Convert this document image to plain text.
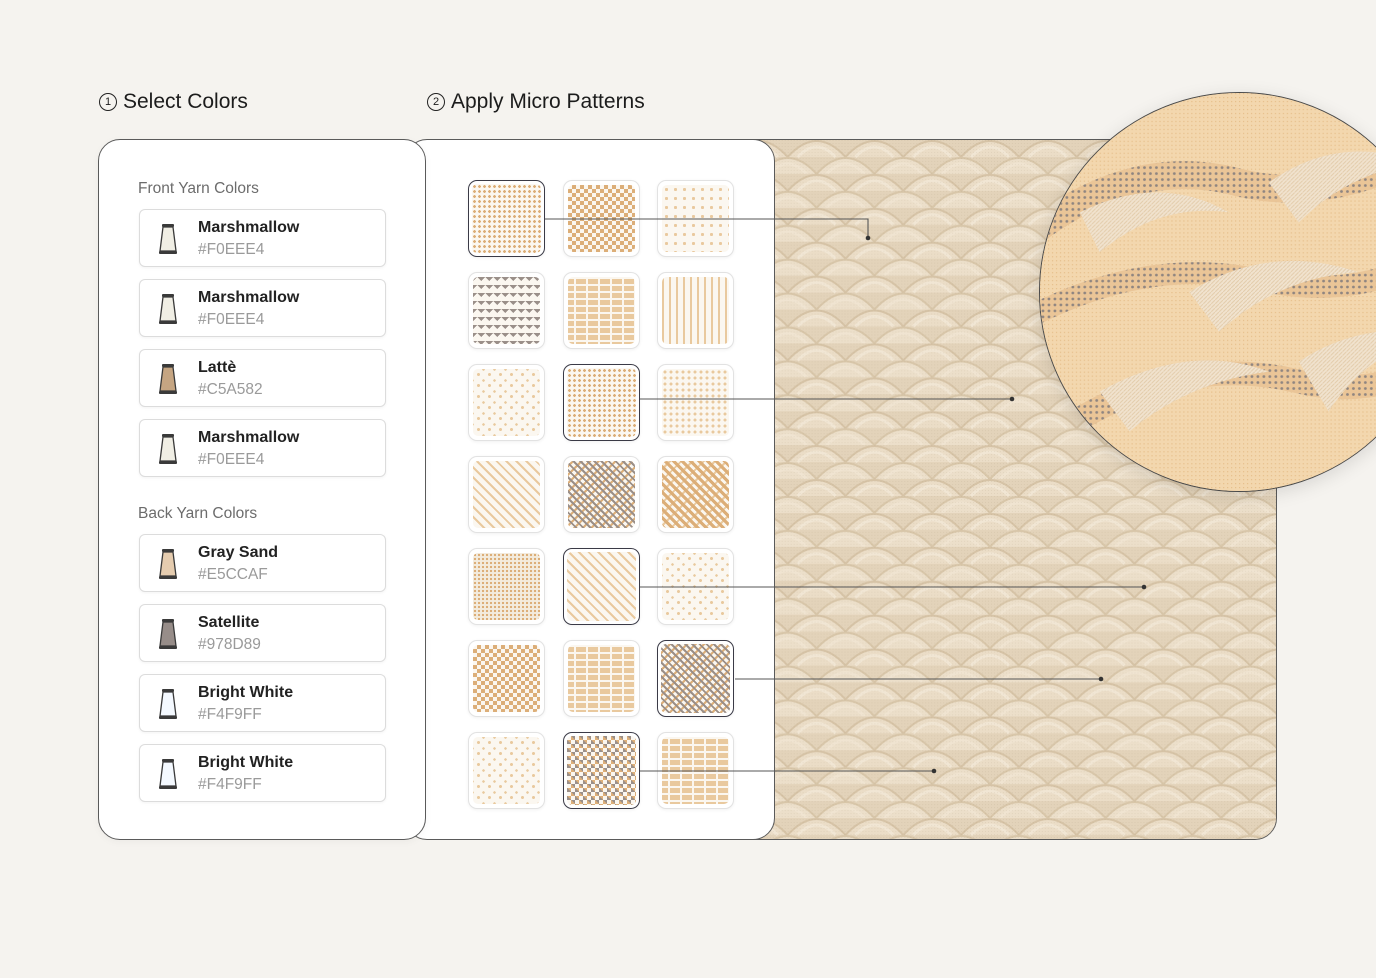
1 Select Colors	2 Apply Micro Patterns
Front Yarn Colors
Marshmallow
#F0EEE4
Marshmallow
#F0EEE4
Lattè
#C5A582
Marshmallow
#F0EEE4
Back Yarn Colors
Gray Sand
#E5CCAF
Satellite
#978D89
Bright White
#F4F9FF
Bright White
#F4F9FF
